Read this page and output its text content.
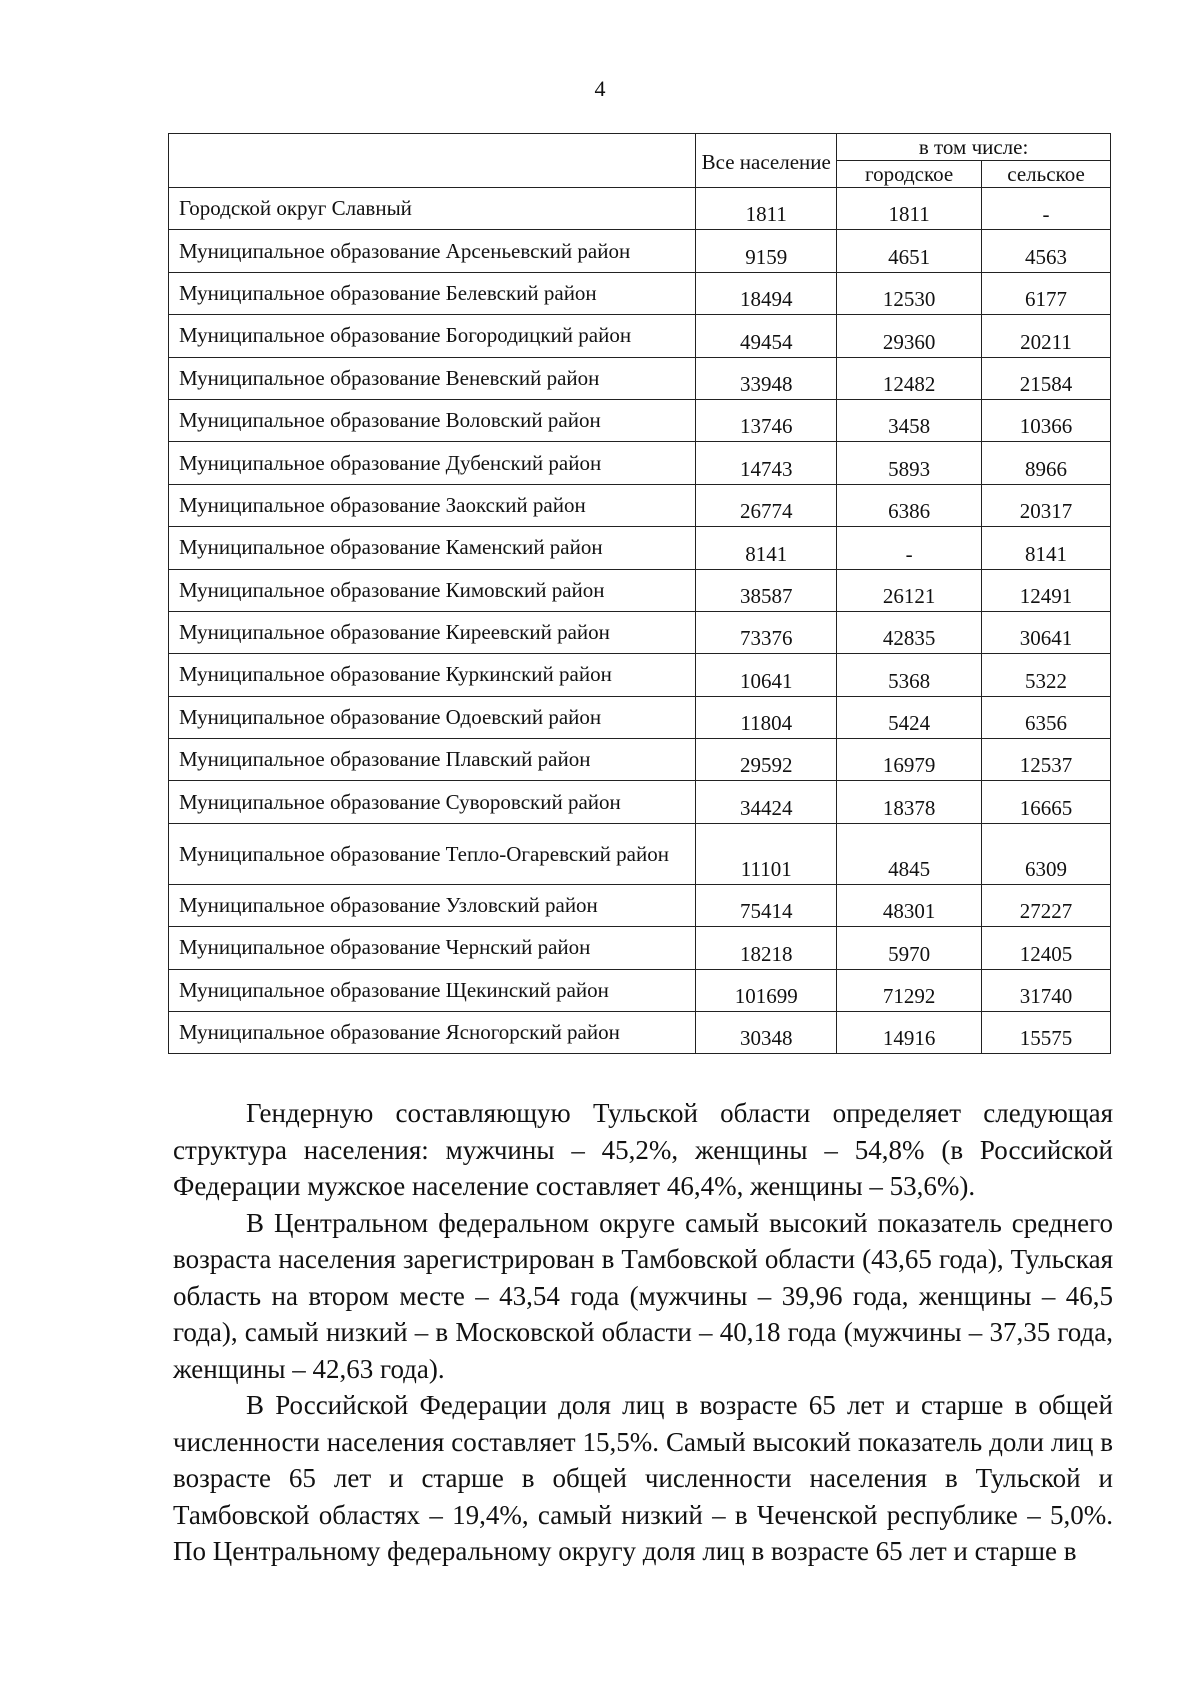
4
	Все население	в том числе:	
		городское	сельское
Городской округ Славный	1811	1811	-
Муниципальное образование Арсеньевский район	9159	4651	4563
Муниципальное образование Белевский район	18494	12530	6177
Муниципальное образование Богородицкий район	49454	29360	20211
Муниципальное образование Веневский район	33948	12482	21584
Муниципальное образование Воловский район	13746	3458	10366
Муниципальное образование Дубенский район	14743	5893	8966
Муниципальное образование Заокский район	26774	6386	20317
Муниципальное образование Каменский район	8141	-	8141
Муниципальное образование Кимовский район	38587	26121	12491
Муниципальное образование Киреевский район	73376	42835	30641
Муниципальное образование Куркинский район	10641	5368	5322
Муниципальное образование Одоевский район	11804	5424	6356
Муниципальное образование Плавский район	29592	16979	12537
Муниципальное образование Суворовский район	34424	18378	16665
Муниципальное образование Тепло-Огаревский район	11101	4845	6309
Муниципальное образование Узловский район	75414	48301	27227
Муниципальное образование Чернский район	18218	5970	12405
Муниципальное образование Щекинский район	101699	71292	31740
Муниципальное образование Ясногорский район	30348	14916	15575

Гендерную составляющую Тульской области определяет следующая структура населения: мужчины – 45,2%, женщины – 54,8% (в Российской Федерации мужское население составляет 46,4%, женщины – 53,6%).

В Центральном федеральном округе самый высокий показатель среднего возраста населения зарегистрирован в Тамбовской области (43,65 года), Тульская область на втором месте – 43,54 года (мужчины – 39,96 года, женщины – 46,5 года), самый низкий – в Московской области – 40,18 года (мужчины – 37,35 года, женщины – 42,63 года).

В Российской Федерации доля лиц в возрасте 65 лет и старше в общей численности населения составляет 15,5%. Самый высокий показатель доли лиц в возрасте 65 лет и старше в общей численности населения в Тульской и Тамбовской областях – 19,4%, самый низкий – в Чеченской республике – 5,0%. По Центральному федеральному округу доля лиц в возрасте 65 лет и старше в
